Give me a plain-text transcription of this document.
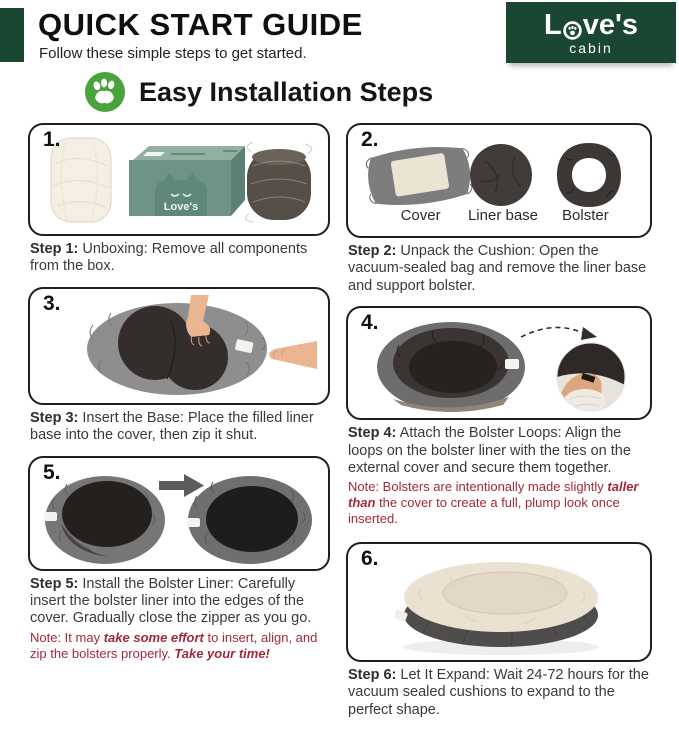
QUICK START GUIDE
Follow these simple steps to get started.
L ve's
cabin
Easy Installation Steps
1.
Love's

Step 1: Unboxing: Remove all components from the box.

3.

Step 3: Insert the Base: Place the filled liner base into the cover, then zip it shut.

5.

Step 5: Install the Bolster Liner: Carefully insert the bolster liner into the edges of the cover. Gradually close the zipper as you go.

Note: It may take some effort to insert, align, and zip the bolsters properly. Take your time!

2.
Cover	Liner base	Bolster

Step 2: Unpack the Cushion: Open the vacuum-sealed bag and remove the liner base and support bolster.

4.

Step 4: Attach the Bolster Loops: Align the loops on the bolster liner with the ties on the external cover and secure them together.

Note: Bolsters are intentionally made slightly taller than the cover to create a full, plump look once inserted.

6.

Step 6: Let It Expand: Wait 24-72 hours for the vacuum sealed cushions to expand to the perfect shape.
